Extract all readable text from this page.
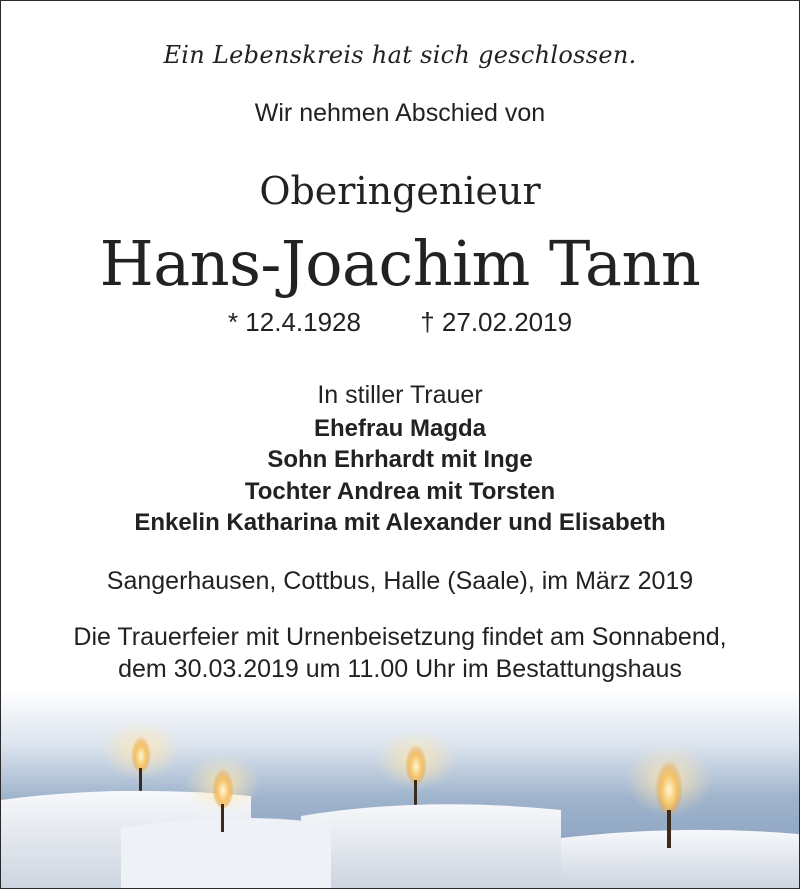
Ein Lebenskreis hat sich geschlossen.

Wir nehmen Abschied von

Oberingenieur

Hans-Joachim Tann

* 12.4.1928 † 27.02.2019

In stiller Trauer

Ehefrau Magda

Sohn Ehrhardt mit Inge

Tochter Andrea mit Torsten

Enkelin Katharina mit Alexander und Elisabeth

Sangerhausen, Cottbus, Halle (Saale), im März 2019

Die Trauerfeier mit Urnenbeisetzung findet am Sonnabend,

dem 30.03.2019 um 11.00 Uhr im Bestattungshaus
